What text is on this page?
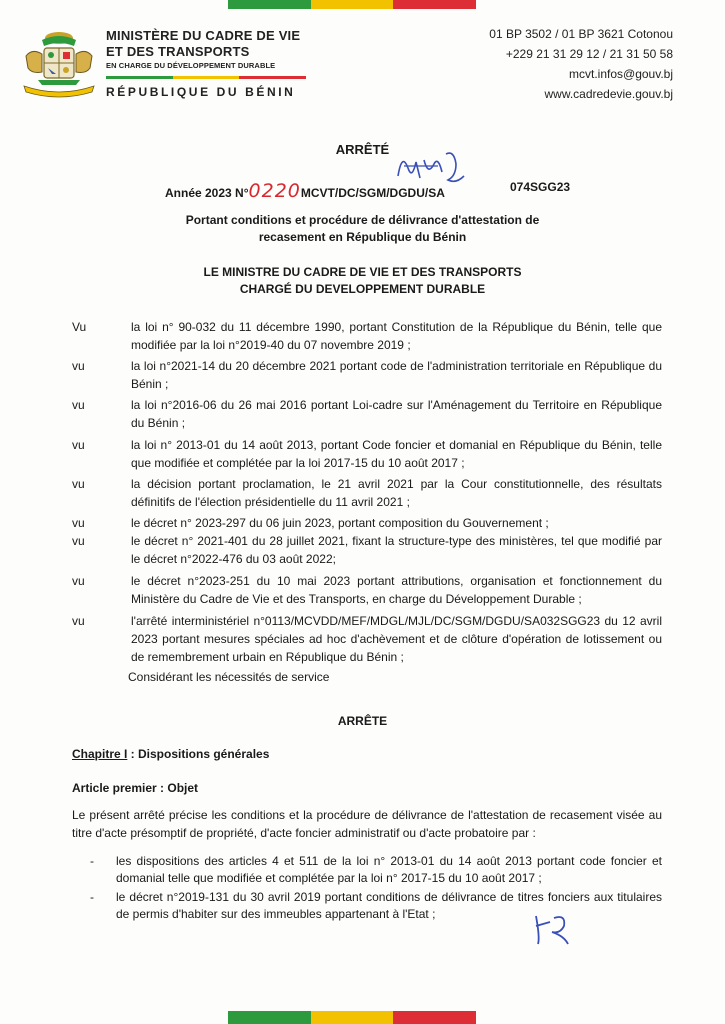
MINISTÈRE DU CADRE DE VIE
ET DES TRANSPORTS
EN CHARGE DU DÉVELOPPEMENT DURABLE
RÉPUBLIQUE DU BÉNIN
01 BP 3502 / 01 BP 3621 Cotonou
+229 21 31 29 12 / 21 31 50 58
mcvt.infos@gouv.bj
www.cadredevie.gouv.bj
ARRÊTÉ
Année 2023 N°0220MCVT/DC/SGM/DGDU/SA	074SGG23
Portant conditions et procédure de délivrance d'attestation de
recasement en République du Bénin
LE MINISTRE DU CADRE DE VIE ET DES TRANSPORTS
CHARGÉ DU DEVELOPPEMENT DURABLE
Vu	la loi n° 90-032 du 11 décembre 1990, portant Constitution de la République du Bénin, telle que modifiée par la loi n°2019-40 du 07 novembre 2019 ;
vu	la loi n°2021-14 du 20 décembre 2021 portant code de l'administration territoriale en République du Bénin ;
vu	la loi n°2016-06 du 26 mai 2016 portant Loi-cadre sur l'Aménagement du Territoire en République du Bénin ;
vu	la loi n° 2013-01 du 14 août 2013, portant Code foncier et domanial en République du Bénin, telle que modifiée et complétée par la loi 2017-15 du 10 août 2017 ;
vu	la décision portant proclamation, le 21 avril 2021 par la Cour constitutionnelle, des résultats définitifs de l'élection présidentielle du 11 avril 2021 ;
vu	le décret n° 2023-297 du 06 juin 2023, portant composition du Gouvernement ;
vu	le décret n° 2021-401 du 28 juillet 2021, fixant la structure-type des ministères, tel que modifié par le décret n°2022-476 du 03 août 2022;
vu	le décret n°2023-251 du 10 mai 2023 portant attributions, organisation et fonctionnement du Ministère du Cadre de Vie et des Transports, en charge du Développement Durable ;
vu	l'arrêté interministériel n°0113/MCVDD/MEF/MDGL/MJL/DC/SGM/DGDU/SA032SGG23 du 12 avril 2023 portant mesures spéciales ad hoc d'achèvement et de clôture d'opération de lotissement ou de remembrement urbain en République du Bénin ;
Considérant les nécessités de service
ARRÊTE
Chapitre I : Dispositions générales
Article premier : Objet
Le présent arrêté précise les conditions et la procédure de délivrance de l'attestation de recasement visée au titre d'acte présomptif de propriété, d'acte foncier administratif ou d'acte probatoire par :
- les dispositions des articles 4 et 511 de la loi n° 2013-01 du 14 août 2013 portant code foncier et domanial telle que modifiée et complétée par la loi n° 2017-15 du 10 août 2017 ;
- le décret n°2019-131 du 30 avril 2019 portant conditions de délivrance de titres fonciers aux titulaires de permis d'habiter sur des immeubles appartenant à l'Etat ;
